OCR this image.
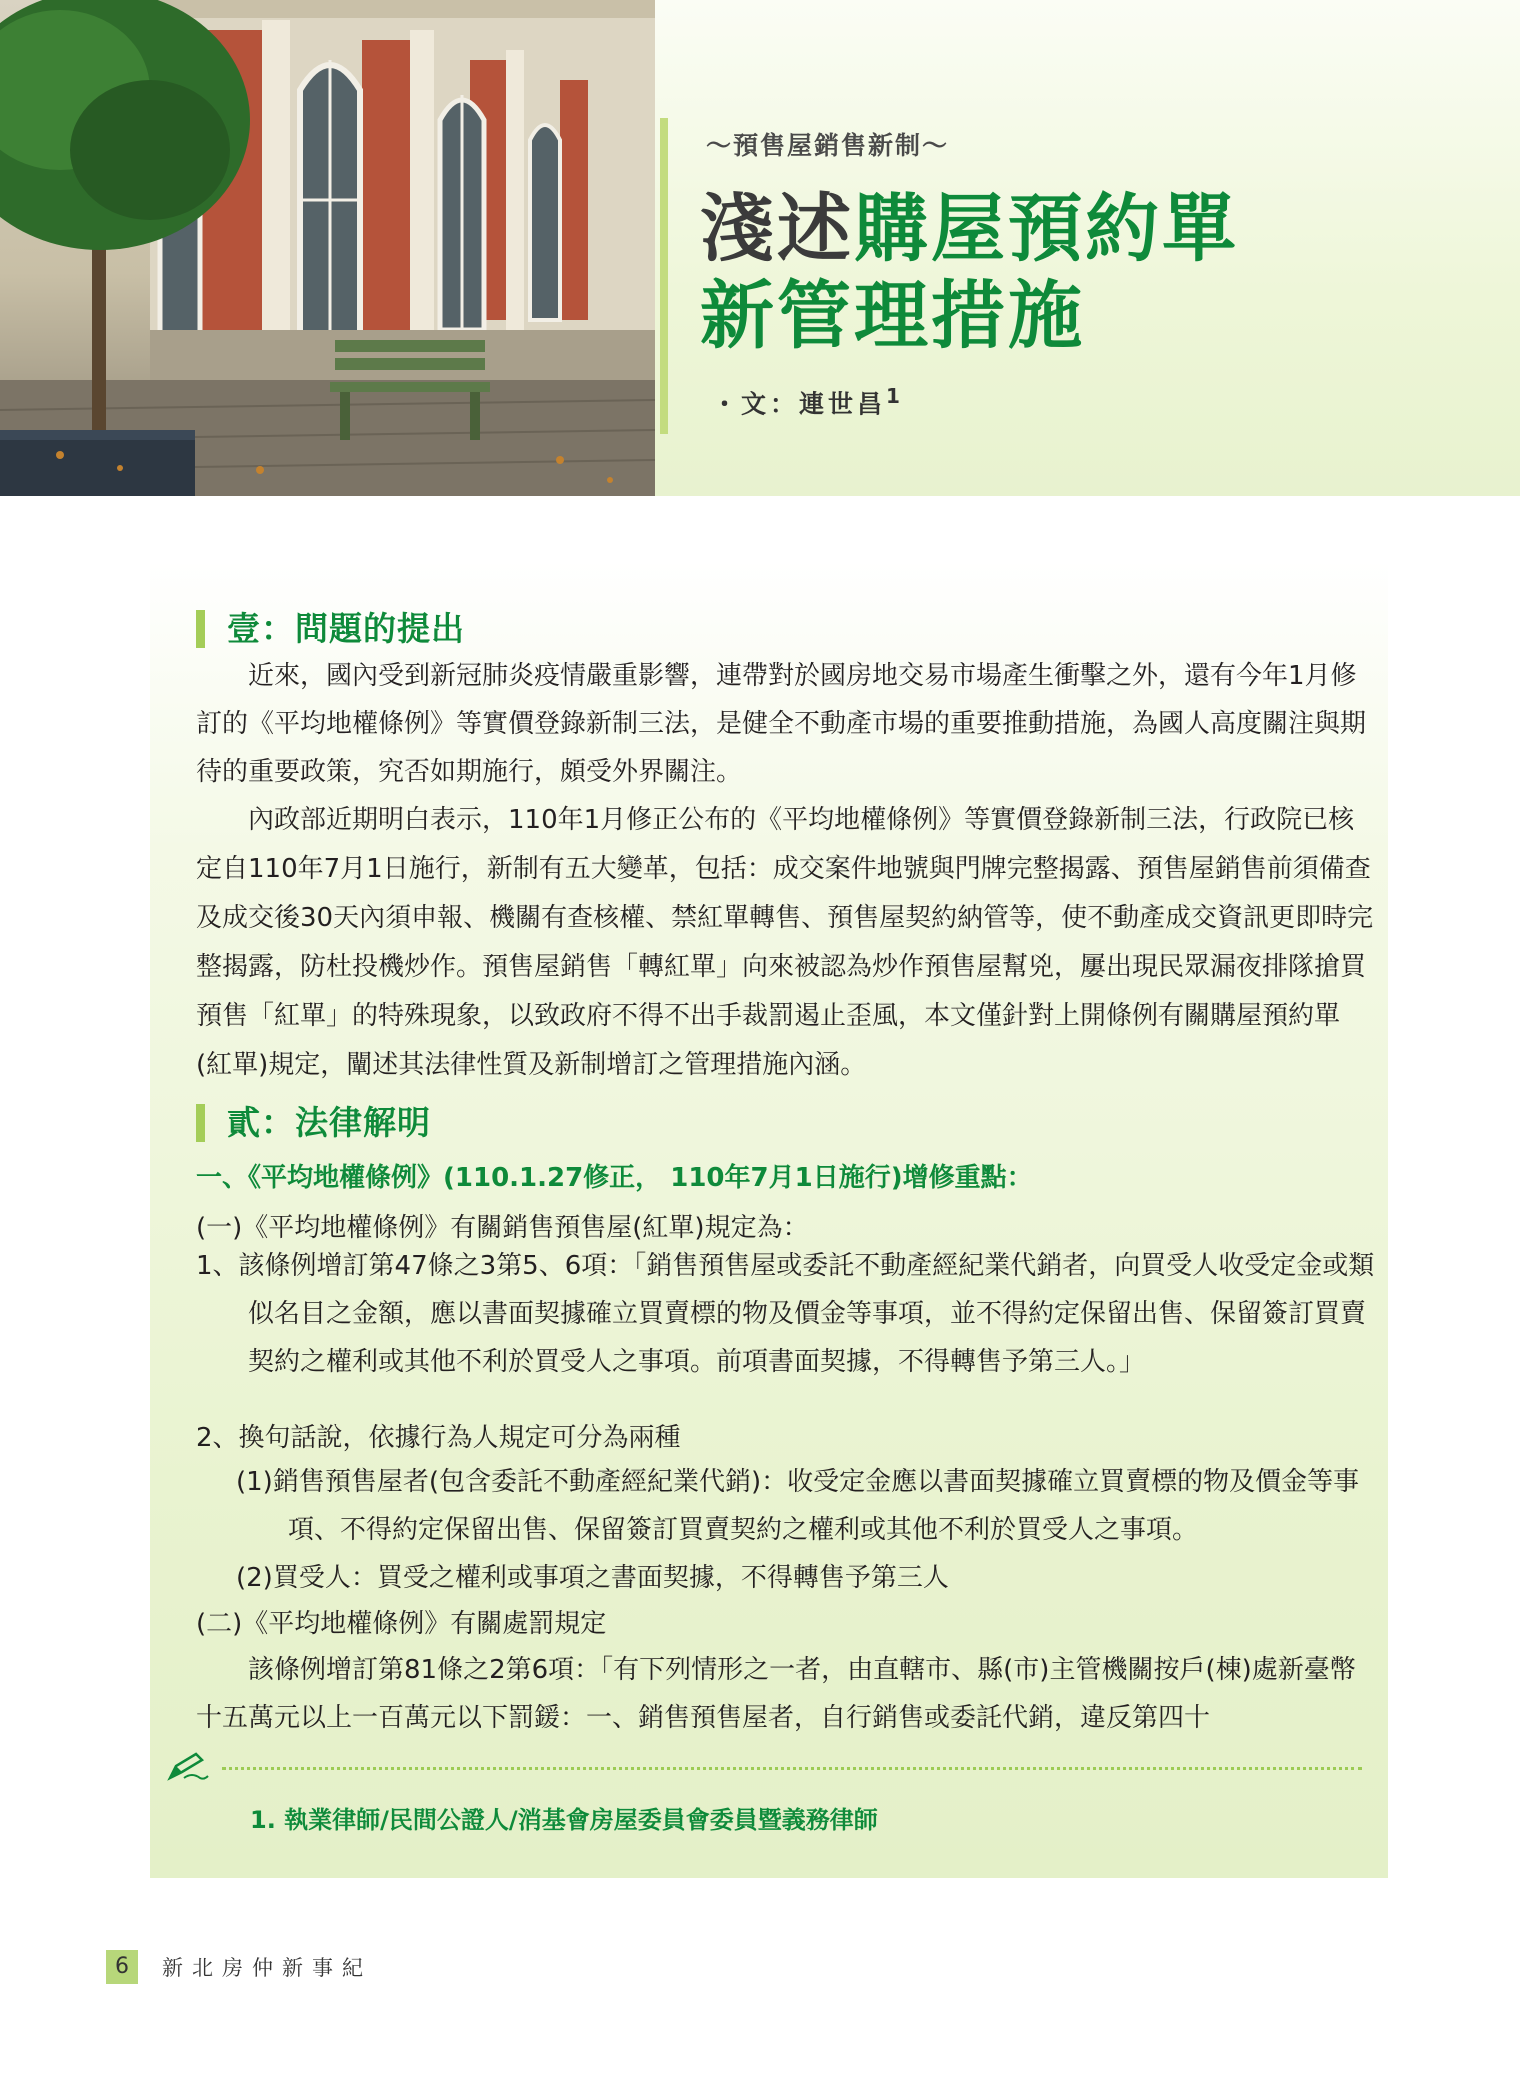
～預售屋銷售新制～

淺述購屋預約單
新管理措施
・文：連世昌$^1$
壹：問題的提出

近來，國內受到新冠肺炎疫情嚴重影響，連帶對於國房地交易市場產生衝擊之外，還有今年1月修訂的《平均地權條例》等實價登錄新制三法，是健全不動產市場的重要推動措施，為國人高度關注與期待的重要政策，究否如期施行，頗受外界關注。

內政部近期明白表示，110年1月修正公布的《平均地權條例》等實價登錄新制三法，行政院已核定自110年7月1日施行，新制有五大變革，包括：成交案件地號與門牌完整揭露、預售屋銷售前須備查及成交後30天內須申報、機關有查核權、禁紅單轉售、預售屋契約納管等，使不動產成交資訊更即時完整揭露，防杜投機炒作。預售屋銷售「轉紅單」向來被認為炒作預售屋幫兇，屢出現民眾漏夜排隊搶買預售「紅單」的特殊現象，以致政府不得不出手裁罰遏止歪風，本文僅針對上開條例有關購屋預約單(紅單)規定，闡述其法律性質及新制增訂之管理措施內涵。

貳：法律解明

一、《平均地權條例》(110.1.27修正， 110年7月1日施行)增修重點：

(一)《平均地權條例》有關銷售預售屋(紅單)規定為：

1、該條例增訂第47條之3第5、6項：「銷售預售屋或委託不動產經紀業代銷者，向買受人收受定金或類似名目之金額，應以書面契據確立買賣標的物及價金等事項，並不得約定保留出售、保留簽訂買賣契約之權利或其他不利於買受人之事項。前項書面契據，不得轉售予第三人。」

2、換句話說，依據行為人規定可分為兩種

(1)銷售預售屋者(包含委託不動產經紀業代銷)：收受定金應以書面契據確立買賣標的物及價金等事項、不得約定保留出售、保留簽訂買賣契約之權利或其他不利於買受人之事項。

(2)買受人：買受之權利或事項之書面契據，不得轉售予第三人

(二)《平均地權條例》有關處罰規定

該條例增訂第81條之2第6項：「有下列情形之一者，由直轄市、縣(市)主管機關按戶(棟)處新臺幣十五萬元以上一百萬元以下罰鍰：一、銷售預售屋者，自行銷售或委託代銷，違反第四十

1. 執業律師/民間公證人/消基會房屋委員會委員暨義務律師

6	新北房仲新事紀
